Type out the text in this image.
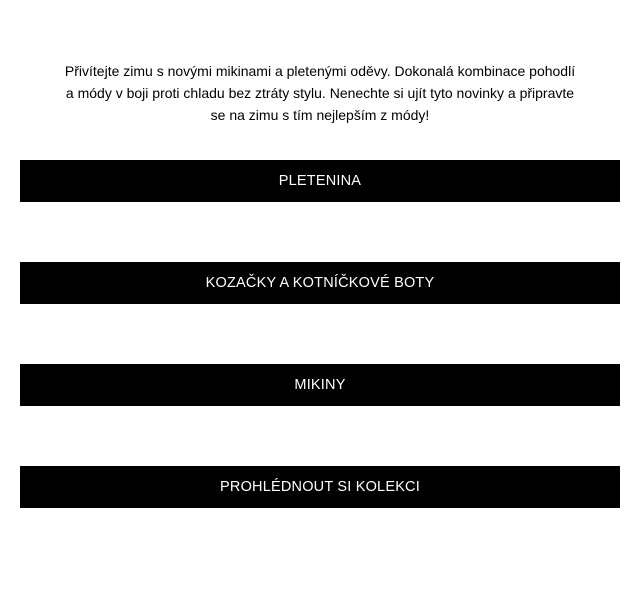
Přivítejte zimu s novými mikinami a pletenými oděvy. Dokonalá kombinace pohodlí a módy v boji proti chladu bez ztráty stylu. Nenechte si ujít tyto novinky a připravte se na zimu s tím nejlepším z módy!

PLETENINA
KOZAČKY A KOTNÍČKOVÉ BOTY
MIKINY
PROHLÉDNOUT SI KOLEKCI
